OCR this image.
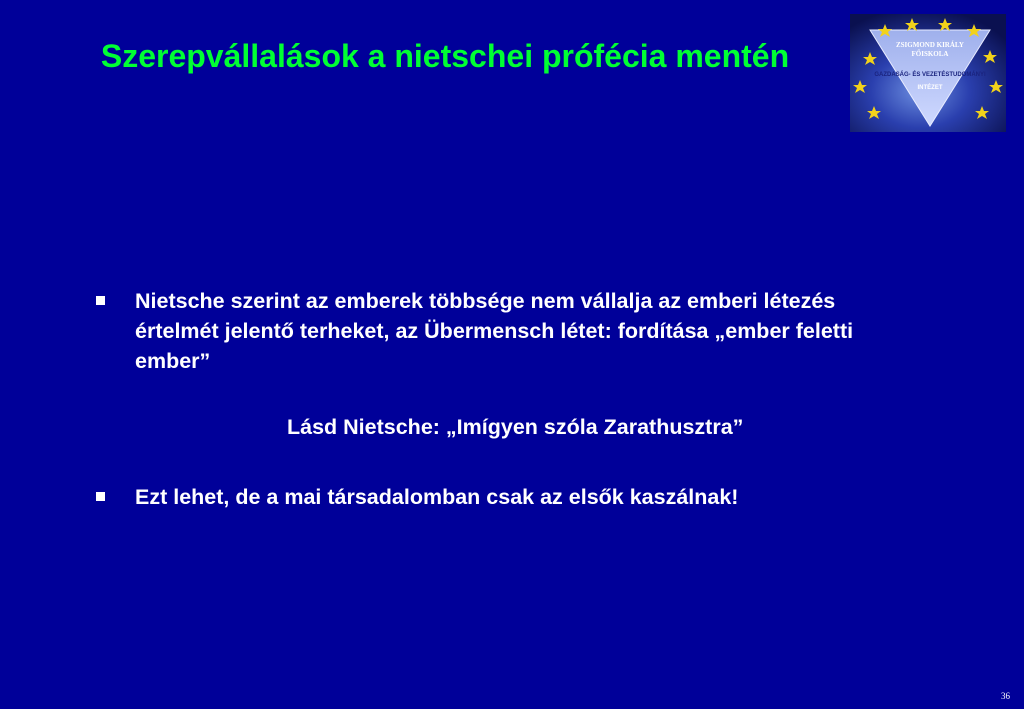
Szerepvállalások a nietschei prófécia mentén	ZSIGMOND KIRÁLY
FŐISKOLA
GAZDASÁG- ÉS VEZETÉSTUDOMÁNYI
INTÉZET
Nietsche szerint az emberek többsége nem vállalja az emberi létezés értelmét jelentő terheket, az Übermensch létet: fordítása „ember feletti ember”
Lásd Nietsche: „Imígyen szóla Zarathusztra”
Ezt lehet, de a mai társadalomban csak az elsők kaszálnak!
36
